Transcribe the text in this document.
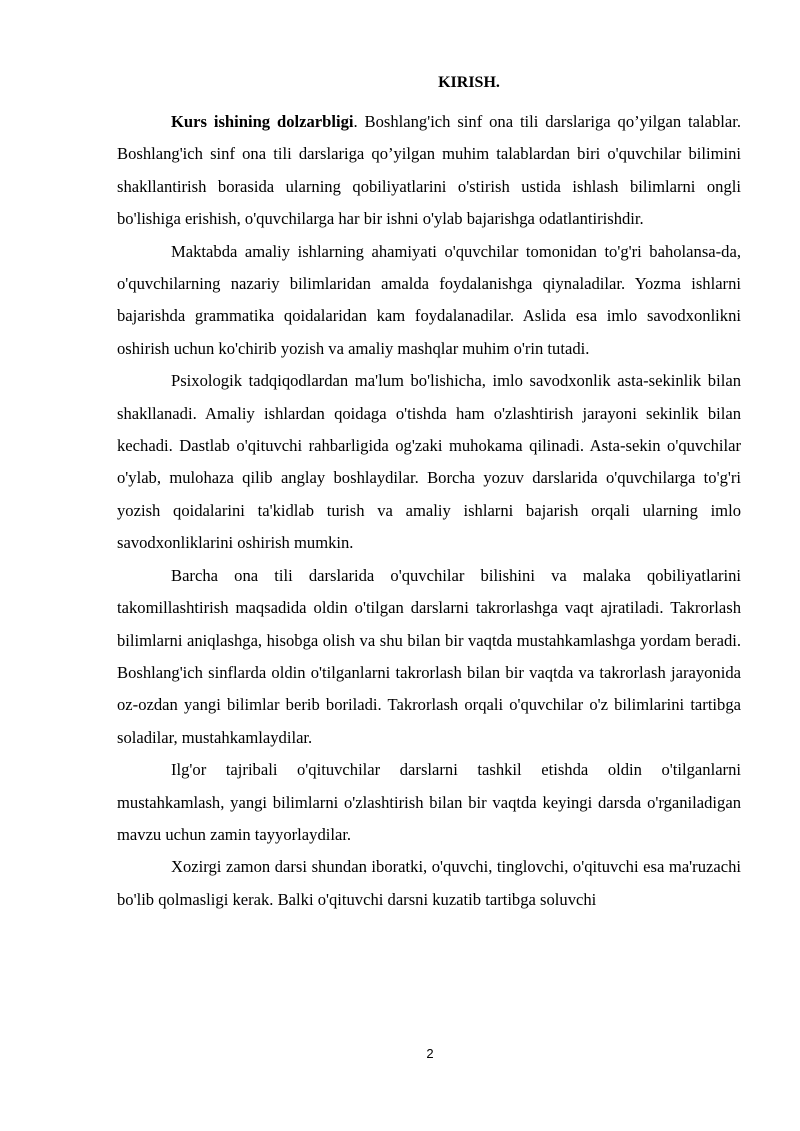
KIRISH.

Kurs ishining dolzarbligi. Boshlang'ich sinf ona tili darslariga qo’yilgan talablar. Boshlang'ich sinf ona tili darslariga qo’yilgan muhim talablardan biri o'quvchilar bilimini shakllantirish borasida ularning qobiliyatlarini o'stirish ustida ishlash bilimlarni ongli bo'lishiga erishish, o'quvchilarga har bir ishni o'ylab bajarishga odatlantirishdir.

Maktabda amaliy ishlarning ahamiyati o'quvchilar tomonidan to'g'ri baholansa-da, o'quvchilarning nazariy bilimlaridan amalda foydalanishga qiynaladilar. Yozma ishlarni bajarishda grammatika qoidalaridan kam foydalanadilar. Aslida esa imlo savodxonlikni oshirish uchun ko'chirib yozish va amaliy mashqlar muhim o'rin tutadi.

Psixologik tadqiqodlardan ma'lum bo'lishicha, imlo savodxonlik asta-sekinlik bilan shakllanadi. Amaliy ishlardan qoidaga o'tishda ham o'zlashtirish jarayoni sekinlik bilan kechadi. Dastlab o'qituvchi rahbarligida og'zaki muhokama qilinadi. Asta-sekin o'quvchilar o'ylab, mulohaza qilib anglay boshlaydilar. Borcha yozuv darslarida o'quvchilarga to'g'ri yozish qoidalarini ta'kidlab turish va amaliy ishlarni bajarish orqali ularning imlo savodxonliklarini oshirish mumkin.

Barcha ona tili darslarida o'quvchilar bilishini va malaka qobiliyatlarini takomillashtirish maqsadida oldin o'tilgan darslarni takrorlashga vaqt ajratiladi. Takrorlash bilimlarni aniqlashga, hisobga olish va shu bilan bir vaqtda mustahkamlashga yordam beradi. Boshlang'ich sinflarda oldin o'tilganlarni takrorlash bilan bir vaqtda va takrorlash jarayonida oz-ozdan yangi bilimlar berib boriladi. Takrorlash orqali o'quvchilar o'z bilimlarini tartibga soladilar, mustahkamlaydilar.

Ilg'or tajribali o'qituvchilar darslarni tashkil etishda oldin o'tilganlarni mustahkamlash, yangi bilimlarni o'zlashtirish bilan bir vaqtda keyingi darsda o'rganiladigan mavzu uchun zamin tayyorlaydilar.

Xozirgi zamon darsi shundan iboratki, o'quvchi, tinglovchi, o'qituvchi esa ma'ruzachi bo'lib qolmasligi kerak. Balki o'qituvchi darsni kuzatib tartibga soluvchi

2
